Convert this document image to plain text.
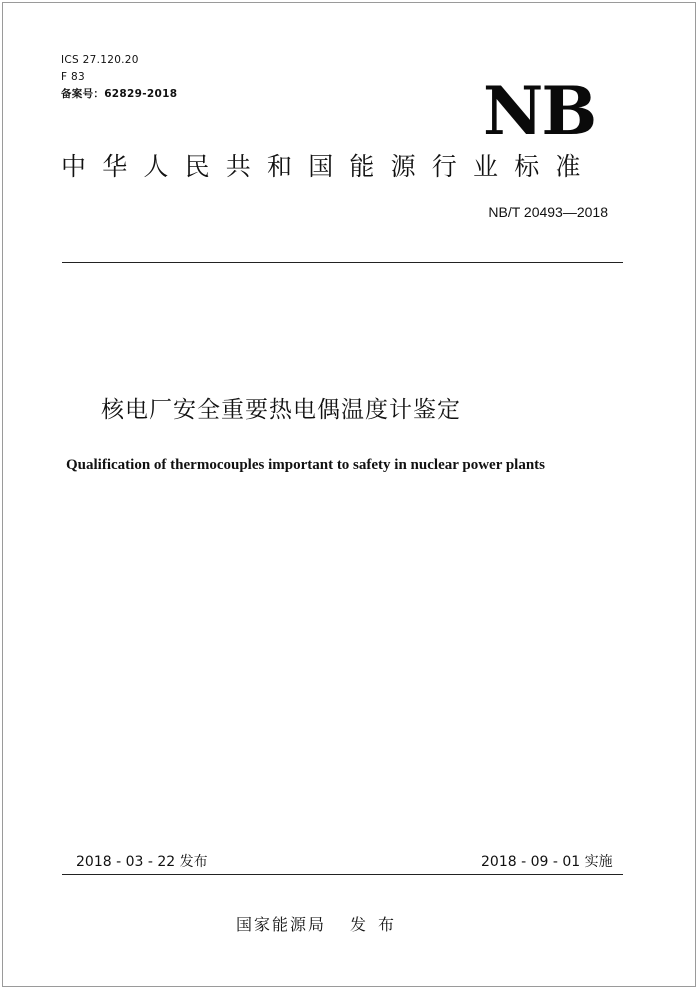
ICS 27.120.20
F 83
备案号：62829-2018	NB
中华人民共和国能源行业标准
NB/T 20493—2018
核电厂安全重要热电偶温度计鉴定
Qualification of thermocouples important to safety in nuclear power plants
2018 - 03 - 22 发布	2018 - 09 - 01 实施
国家能源局 发布
